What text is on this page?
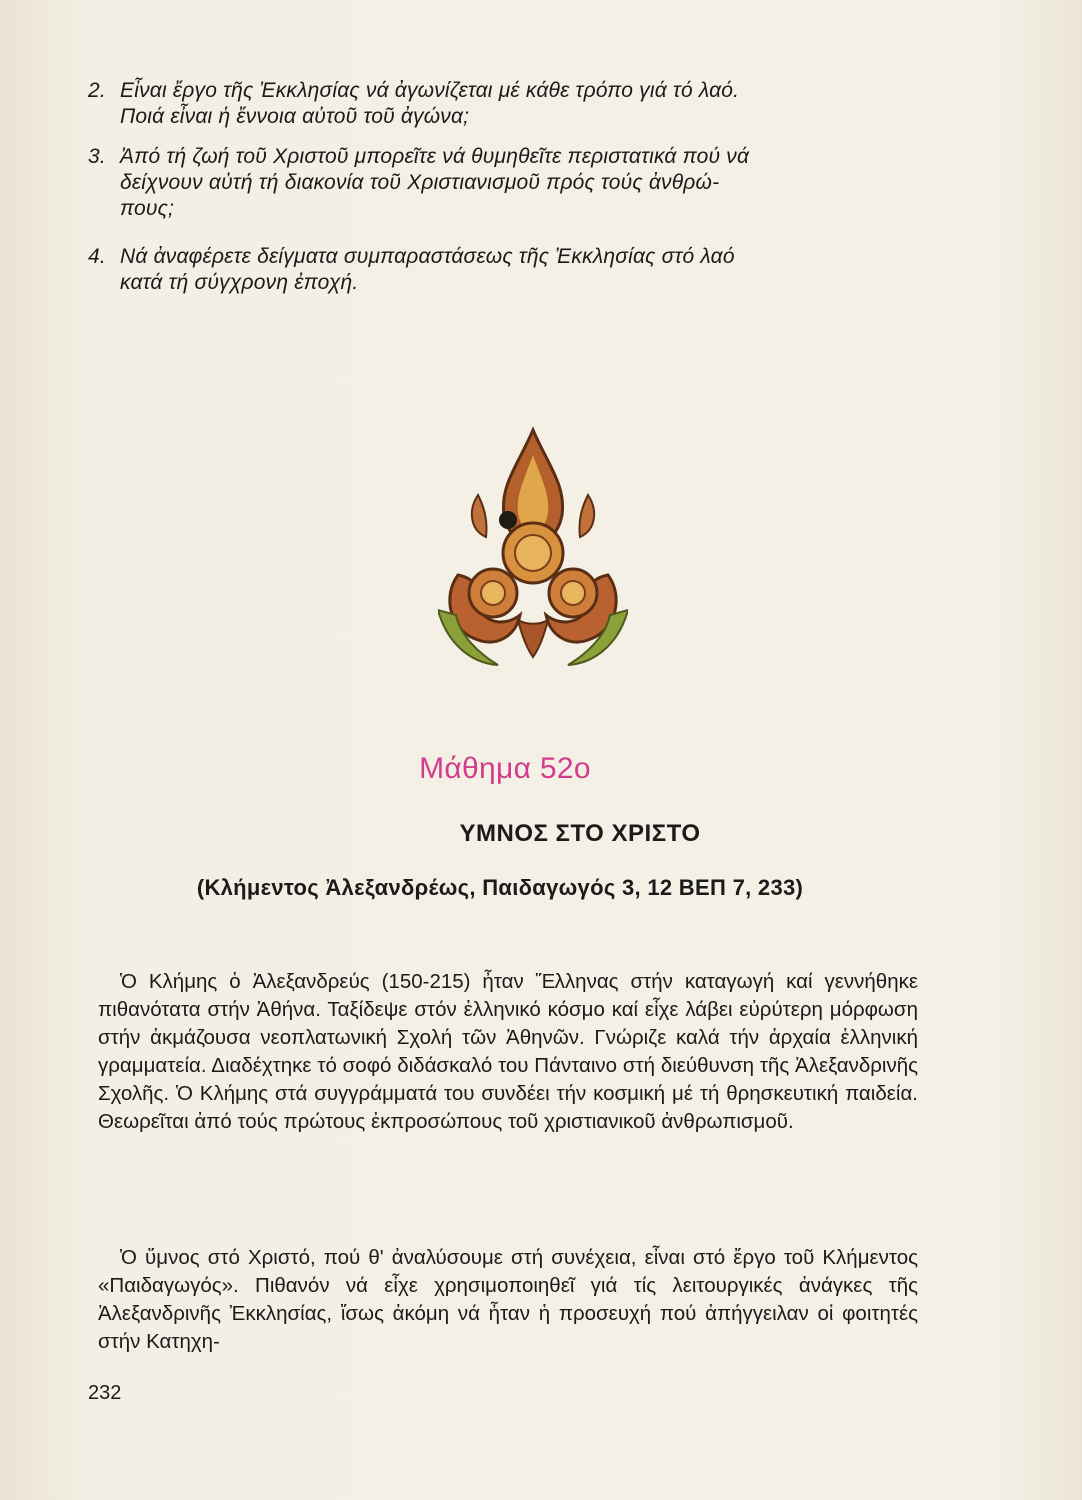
2. Εἶναι ἔργο τῆς Ἐκκλησίας νά ἀγωνίζεται μέ κάθε τρόπο γιά τό λαό.
Ποιά εἶναι ἡ ἔννοια αὐτοῦ τοῦ ἀγώνα;
3. Ἀπό τή ζωή τοῦ Χριστοῦ μπορεῖτε νά θυμηθεῖτε περιστατικά πού νά
δείχνουν αὐτή τή διακονία τοῦ Χριστιανισμοῦ πρός τούς ἀνθρώ-
πους;
4. Νά ἀναφέρετε δείγματα συμπαραστάσεως τῆς Ἐκκλησίας στό λαό
κατά τή σύγχρονη ἐποχή.
Μάθημα 52ο
ΥΜΝΟΣ ΣΤΟ ΧΡΙΣΤΟ
(Κλήμεντος Ἀλεξανδρέως, Παιδαγωγός 3, 12 ΒΕΠ 7, 233)
Ὁ Κλήμης ὁ Ἀλεξανδρεύς (150-215) ἦταν Ἕλληνας στήν καταγωγή καί γεννήθηκε πιθανότατα στήν Ἀθήνα. Ταξίδεψε στόν ἑλληνικό κόσμο καί εἶχε λάβει εὐρύτερη μόρφωση στήν ἀκμάζουσα νεοπλατωνική Σχολή τῶν Ἀθηνῶν. Γνώριζε καλά τήν ἀρχαία ἑλληνική γραμματεία. Διαδέχτηκε τό σοφό διδάσκαλό του Πάνταινο στή διεύθυνση τῆς Ἀλεξανδρινῆς Σχολῆς. Ὁ Κλήμης στά συγγράμματά του συνδέει τήν κοσμική μέ τή θρησκευτική παιδεία. Θεωρεῖται ἀπό τούς πρώτους ἐκπροσώπους τοῦ χριστιανικοῦ ἀνθρωπισμοῦ.
Ὁ ὕμνος στό Χριστό, πού θ' ἀναλύσουμε στή συνέχεια, εἶναι στό ἔργο τοῦ Κλήμεντος «Παιδαγωγός». Πιθανόν νά εἶχε χρησιμοποιηθεῖ γιά τίς λειτουργικές ἀνάγκες τῆς Ἀλεξανδρινῆς Ἐκκλησίας, ἴσως ἀκόμη νά ἦταν ἡ προσευχή πού ἀπήγγειλαν οἱ φοιτητές στήν Κατηχη-
232
